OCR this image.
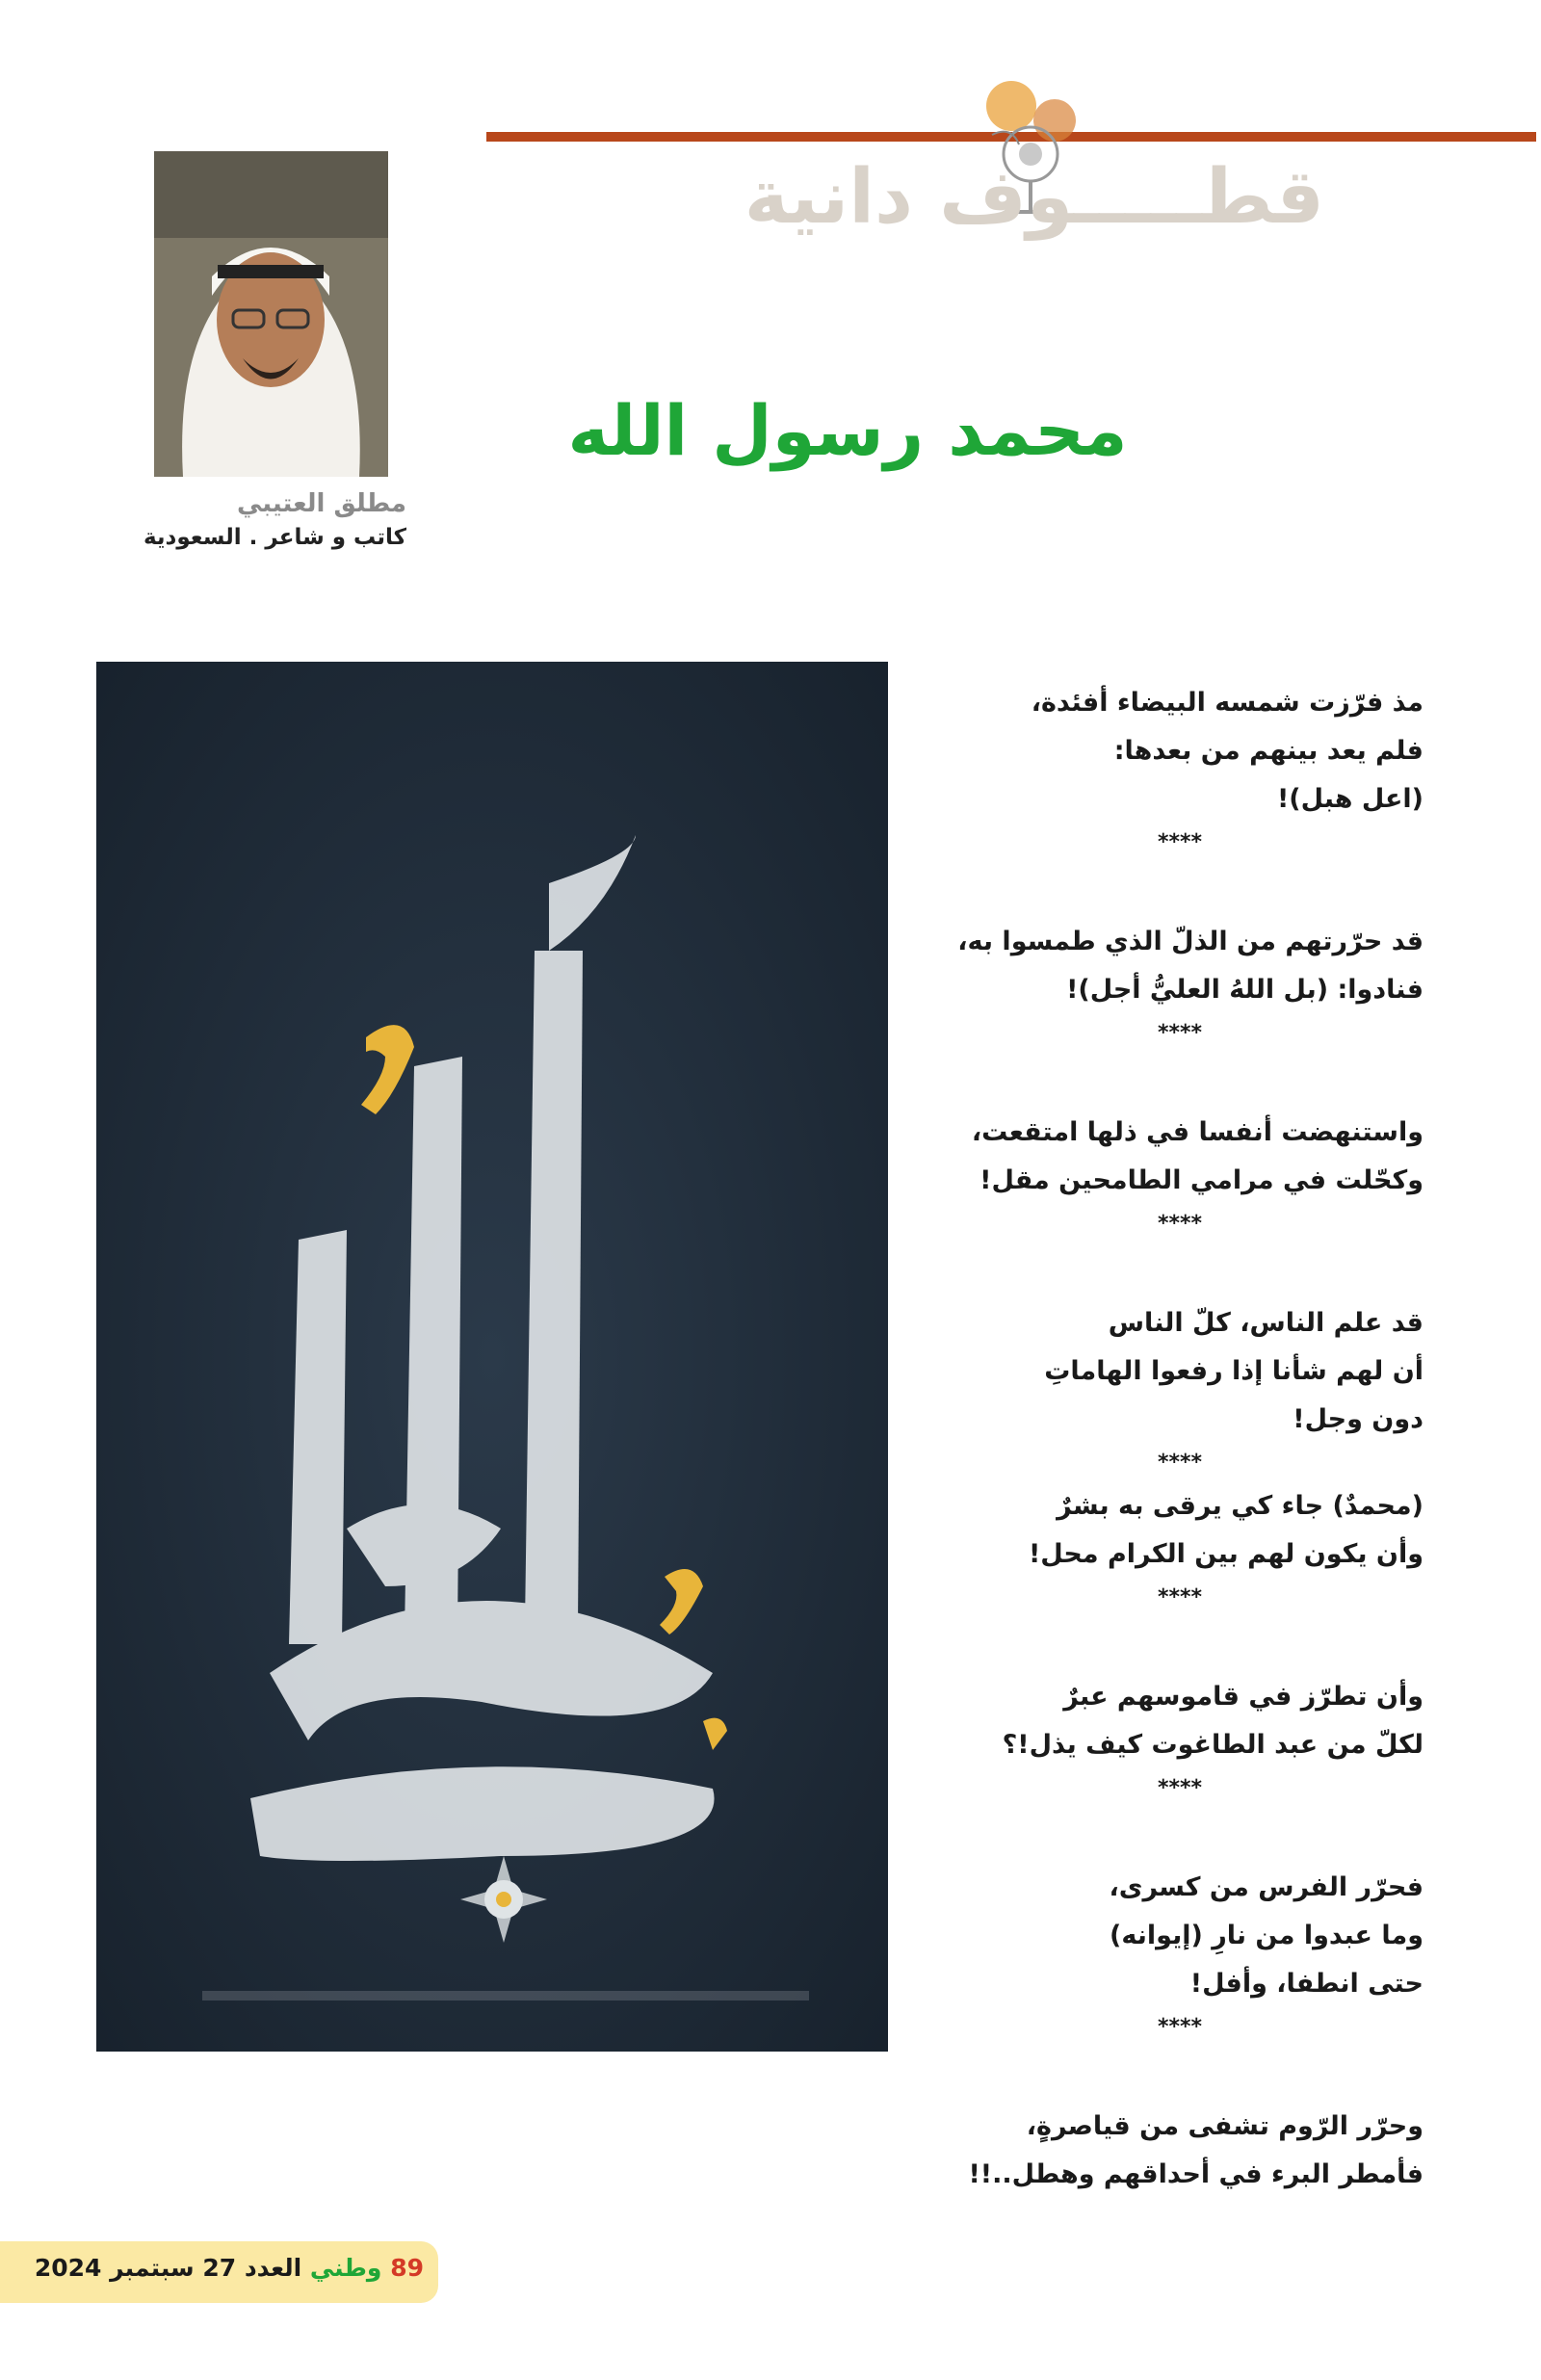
قطـــــوف دانية
مطلق العتيبي
كاتب و شاعر . السعودية
محمد رسول الله
مذ فرّزت شمسه البيضاء أفئدة،
فلم يعد بينهم من بعدها:
(اعل هبل)!
****
قد حرّرتهم من الذلّ الذي طمسوا به،
فنادوا: (بل اللهُ العليُّ أجل)!
****
واستنهضت أنفسا في ذلها امتقعت،
وكحّلت في مرامي الطامحين مقل!
****
قد علم الناس، كلّ الناس
أن لهم شأنا إذا رفعوا الهاماتِ
دون وجل!
****
(محمدٌ) جاء كي يرقى به بشرٌ
وأن يكون لهم بين الكرام محل!
****
وأن تطرّز في قاموسهم عبرٌ
لكلّ من عبد الطاغوت كيف يذل!؟
****
فحرّر الفرس من كسرى،
وما عبدوا من نارِ (إيوانه)
حتى انطفا، وأفل!
****
وحرّر الرّوم تشفى من قياصرةٍ،
فأمطر البرء في أحداقهم وهطل..!!
89 وطني العدد 27 سبتمبر 2024
